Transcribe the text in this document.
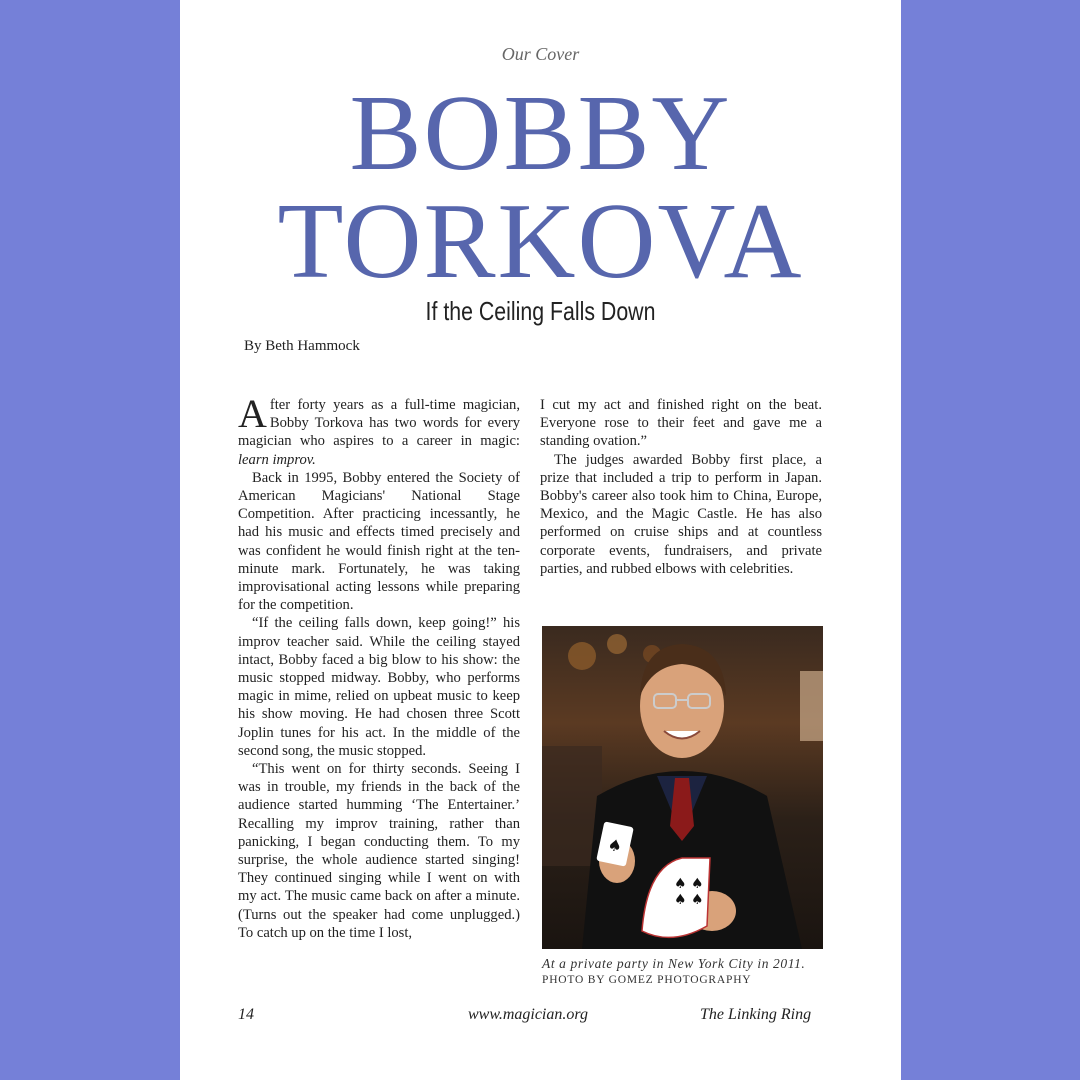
Our Cover
BOBBY
TORKOVA
If the Ceiling Falls Down
By Beth Hammock

After forty years as a full-time magician, Bobby Torkova has two words for every magician who aspires to a career in magic: learn improv.

Back in 1995, Bobby entered the Society of American Magicians' National Stage Competition. After practicing incessantly, he had his music and effects timed precisely and was confident he would finish right at the ten-minute mark. Fortunately, he was taking improvisational acting lessons while preparing for the competition.

“If the ceiling falls down, keep going!” his improv teacher said. While the ceiling stayed intact, Bobby faced a big blow to his show: the music stopped midway. Bobby, who performs magic in mime, relied on upbeat music to keep his show moving. He had chosen three Scott Joplin tunes for his act. In the middle of the second song, the music stopped.

“This went on for thirty seconds. Seeing I was in trouble, my friends in the back of the audience started humming ‘The Entertainer.’ Recalling my improv training, rather than panicking, I began conducting them. To my surprise, the whole audience started singing! They continued singing while I went on with my act. The music came back on after a minute. (Turns out the speaker had come unplugged.) To catch up on the time I lost,

I cut my act and finished right on the beat. Everyone rose to their feet and gave me a standing ovation.”

The judges awarded Bobby first place, a prize that included a trip to perform in Japan. Bobby's career also took him to China, Europe, Mexico, and the Magic Castle. He has also performed on cruise ships and at countless corporate events, fundraisers, and private parties, and rubbed elbows with celebrities.

♠
♠ ♠
♠ ♠
At a private party in New York City in 2011.
PHOTO BY GOMEZ PHOTOGRAPHY
14	www.magician.org	The Linking Ring
